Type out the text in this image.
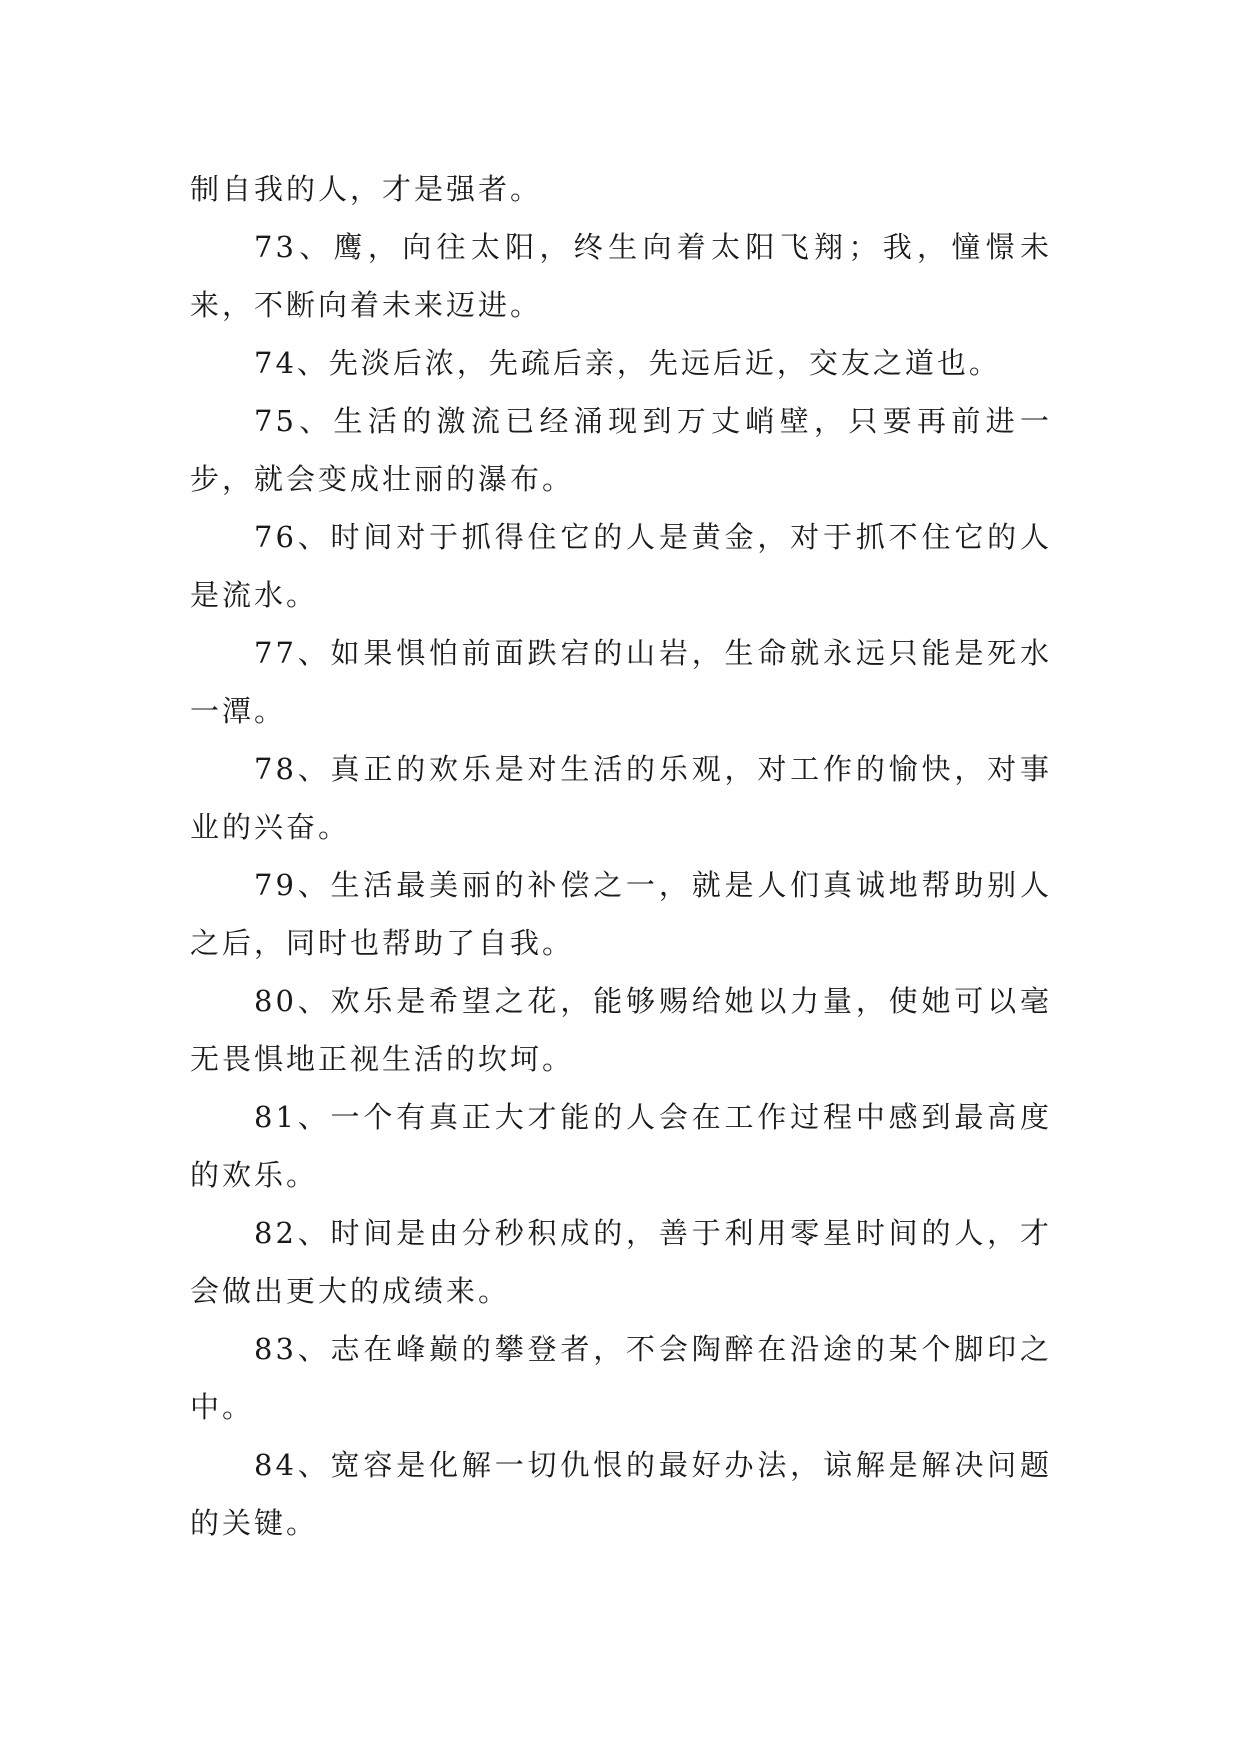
制自我的人，才是强者。

73、鹰，向往太阳，终生向着太阳飞翔；我，憧憬未来，不断向着未来迈进。

74、先淡后浓，先疏后亲，先远后近，交友之道也。

75、生活的激流已经涌现到万丈峭壁，只要再前进一步，就会变成壮丽的瀑布。

76、时间对于抓得住它的人是黄金，对于抓不住它的人是流水。

77、如果惧怕前面跌宕的山岩，生命就永远只能是死水一潭。

78、真正的欢乐是对生活的乐观，对工作的愉快，对事业的兴奋。

79、生活最美丽的补偿之一，就是人们真诚地帮助别人之后，同时也帮助了自我。

80、欢乐是希望之花，能够赐给她以力量，使她可以毫无畏惧地正视生活的坎坷。

81、一个有真正大才能的人会在工作过程中感到最高度的欢乐。

82、时间是由分秒积成的，善于利用零星时间的人，才会做出更大的成绩来。

83、志在峰巅的攀登者，不会陶醉在沿途的某个脚印之中。

84、宽容是化解一切仇恨的最好办法，谅解是解决问题的关键。
